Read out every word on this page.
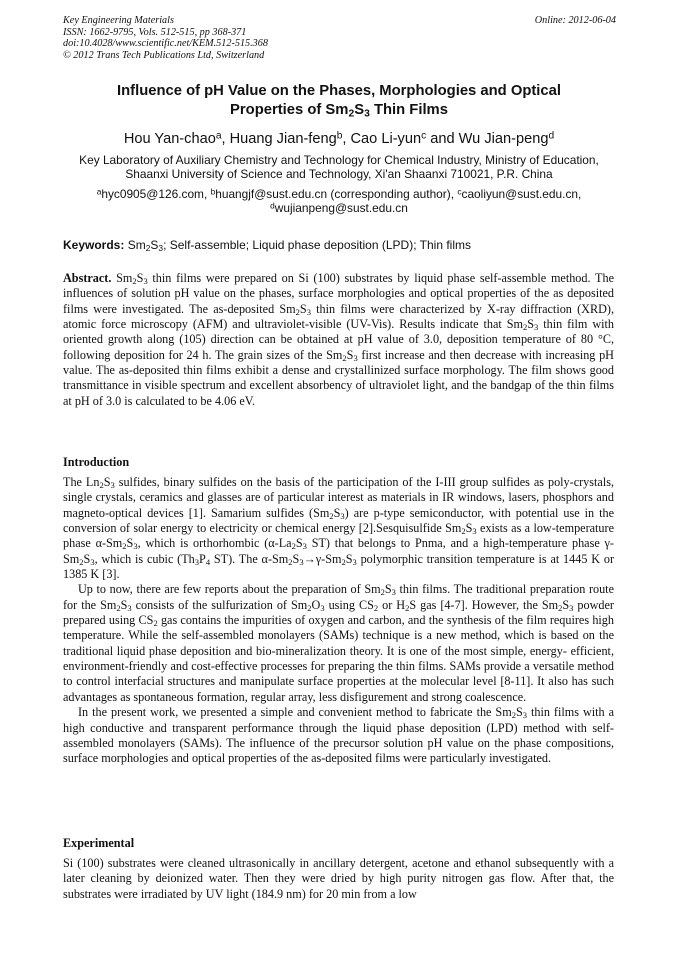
Key Engineering Materials
ISSN: 1662-9795, Vols. 512-515, pp 368-371
doi:10.4028/www.scientific.net/KEM.512-515.368
© 2012 Trans Tech Publications Ltd, Switzerland
Online: 2012-06-04
Influence of pH Value on the Phases, Morphologies and Optical
Properties of $Sm_2S_3$ Thin Films
Hou Yan-chao$^a$, Huang Jian-feng$^b$, Cao Li-yun$^c$ and Wu Jian-peng$^d$
Key Laboratory of Auxiliary Chemistry and Technology for Chemical Industry, Ministry of Education,
Shaanxi University of Science and Technology, Xi'an Shaanxi 710021, P.R. China
$^a$hyc0905@126.com, $^b$huangjf@sust.edu.cn (corresponding author), $^c$caoliyun@sust.edu.cn,
$^d$wujianpeng@sust.edu.cn
Keywords: $Sm_2S_3$; Self-assemble; Liquid phase deposition (LPD); Thin films

Abstract. $Sm_2S_3$ thin films were prepared on Si (100) substrates by liquid phase self-assemble method. The influences of solution pH value on the phases, surface morphologies and optical properties of the as deposited films were investigated. The as-deposited $Sm_2S_3$ thin films were characterized by X-ray diffraction (XRD), atomic force microscopy (AFM) and ultraviolet-visible (UV-Vis). Results indicate that $Sm_2S_3$ thin film with oriented growth along (105) direction can be obtained at pH value of 3.0, deposition temperature of 80 °C, following deposition for 24 h. The grain sizes of the $Sm_2S_3$ first increase and then decrease with increasing pH value. The as-deposited thin films exhibit a dense and crystallinized surface morphology. The film shows good transmittance in visible spectrum and excellent absorbency of ultraviolet light, and the bandgap of the thin films at pH of 3.0 is calculated to be 4.06 eV.

Introduction

The $Ln_2S_3$ sulfides, binary sulfides on the basis of the participation of the I-III group sulfides as poly-crystals, single crystals, ceramics and glasses are of particular interest as materials in IR windows, lasers, phosphors and magneto-optical devices [1]. Samarium sulfides $(Sm_2S_3)$ are p-type semiconductor, with potential use in the conversion of solar energy to electricity or chemical energy [2].Sesquisulfide $Sm_2S_3$ exists as a low-temperature phase $\alpha-Sm_2S_3$, which is orthorhombic ($\alpha-La_2S_3$ ST) that belongs to Pnma, and a high-temperature phase $\gamma-Sm_2S_3$, which is cubic ($Th_3P_4$ ST). The $\alpha-Sm_2S_3\to\gamma-Sm_2S_3$ polymorphic transition temperature is at 1445 K or 1385 K [3].

Up to now, there are few reports about the preparation of $Sm_2S_3$ thin films. The traditional preparation route for the $Sm_2S_3$ consists of the sulfurization of $Sm_2O_3$ using $CS_2$ or $H_2S$ gas [4-7]. However, the $Sm_2S_3$ powder prepared using $CS_2$ gas contains the impurities of oxygen and carbon, and the synthesis of the film requires high temperature. While the self-assembled monolayers (SAMs) technique is a new method, which is based on the traditional liquid phase deposition and bio-mineralization theory. It is one of the most simple, energy- efficient, environment-friendly and cost-effective processes for preparing the thin films. SAMs provide a versatile method to control interfacial structures and manipulate surface properties at the molecular level [8-11]. It also has such advantages as spontaneous formation, regular array, less disfigurement and strong coalescence.

In the present work, we presented a simple and convenient method to fabricate the $Sm_2S_3$ thin films with a high conductive and transparent performance through the liquid phase deposition (LPD) method with self-assembled monolayers (SAMs). The influence of the precursor solution pH value on the phase compositions, surface morphologies and optical properties of the as-deposited films were particularly investigated.

Experimental

Si (100) substrates were cleaned ultrasonically in ancillary detergent, acetone and ethanol subsequently with a later cleaning by deionized water. Then they were dried by high purity nitrogen gas flow. After that, the substrates were irradiated by UV light (184.9 nm) for 20 min from a low
